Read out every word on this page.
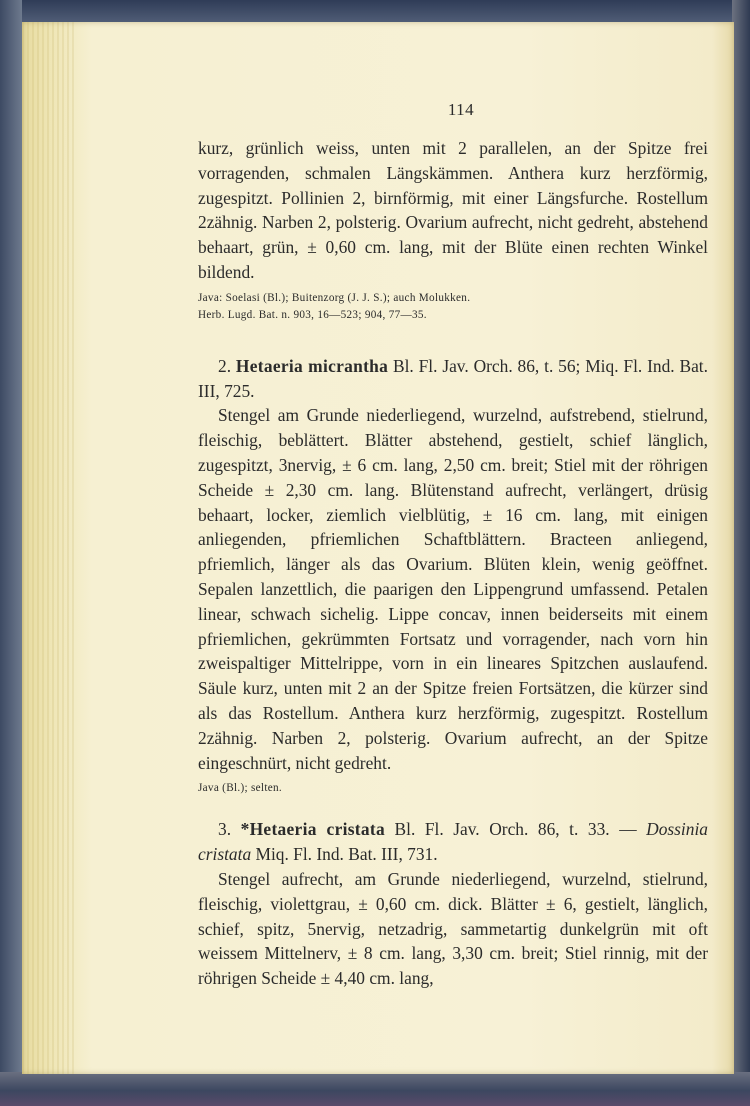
114

kurz, grünlich weiss, unten mit 2 parallelen, an der Spitze frei vorragenden, schmalen Längskämmen. Anthera kurz herzförmig, zugespitzt. Pollinien 2, birnförmig, mit einer Längsfurche. Rostellum 2zähnig. Narben 2, polsterig. Ovarium aufrecht, nicht gedreht, abstehend behaart, grün, ± 0,60 cm. lang, mit der Blüte einen rechten Winkel bildend.

Java: Soelasi (Bl.); Buitenzorg (J. J. S.); auch Molukken.
Herb. Lugd. Bat. n. 903, 16—523; 904, 77—35.

2. Hetaeria micrantha Bl. Fl. Jav. Orch. 86, t. 56; Miq. Fl. Ind. Bat. III, 725.

Stengel am Grunde niederliegend, wurzelnd, aufstrebend, stielrund, fleischig, beblättert. Blätter abstehend, gestielt, schief länglich, zugespitzt, 3nervig, ± 6 cm. lang, 2,50 cm. breit; Stiel mit der röhrigen Scheide ± 2,30 cm. lang. Blütenstand aufrecht, verlängert, drüsig behaart, locker, ziemlich vielblütig, ± 16 cm. lang, mit einigen anliegenden, pfriemlichen Schaftblättern. Bracteen anliegend, pfriemlich, länger als das Ovarium. Blüten klein, wenig geöffnet. Sepalen lanzettlich, die paarigen den Lippengrund umfassend. Petalen linear, schwach sichelig. Lippe concav, innen beiderseits mit einem pfriemlichen, gekrümmten Fortsatz und vorragender, nach vorn hin zweispaltiger Mittelrippe, vorn in ein lineares Spitzchen auslaufend. Säule kurz, unten mit 2 an der Spitze freien Fortsätzen, die kürzer sind als das Rostellum. Anthera kurz herzförmig, zugespitzt. Rostellum 2zähnig. Narben 2, polsterig. Ovarium aufrecht, an der Spitze eingeschnürt, nicht gedreht.

Java (Bl.); selten.

3. *Hetaeria cristata Bl. Fl. Jav. Orch. 86, t. 33. — Dossinia cristata Miq. Fl. Ind. Bat. III, 731.

Stengel aufrecht, am Grunde niederliegend, wurzelnd, stielrund, fleischig, violettgrau, ± 0,60 cm. dick. Blätter ± 6, gestielt, länglich, schief, spitz, 5nervig, netzadrig, sammetartig dunkelgrün mit oft weissem Mittelnerv, ± 8 cm. lang, 3,30 cm. breit; Stiel rinnig, mit der röhrigen Scheide ± 4,40 cm. lang,
